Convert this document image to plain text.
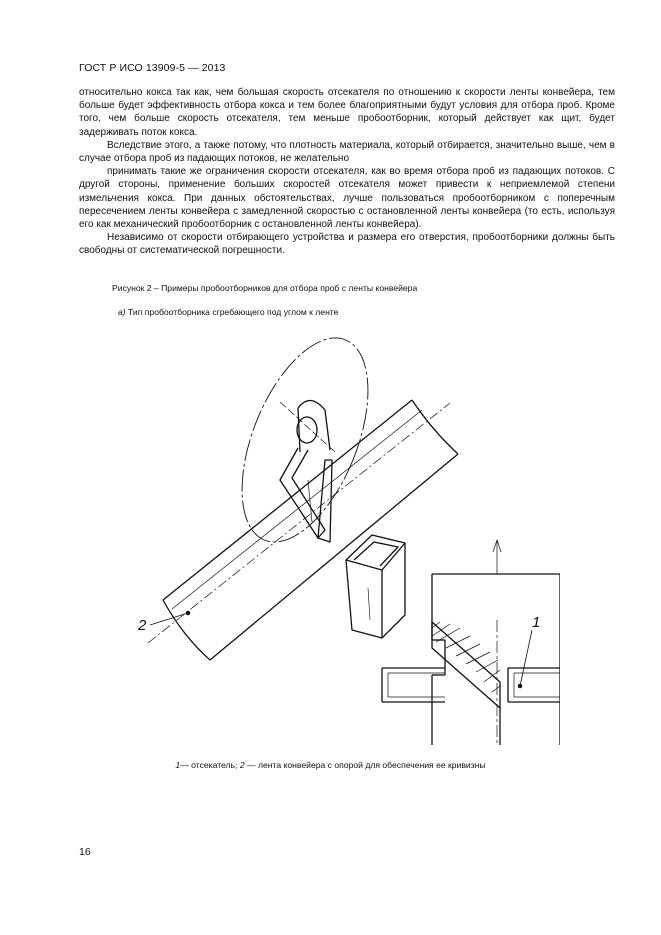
ГОСТ Р ИСО 13909-5 — 2013

относительно кокса так как, чем большая скорость отсекателя по отношению к скорости ленты конвейера, тем больше будет эффективность отбора кокса и тем более благоприятными будут условия для отбора проб. Кроме того, чем больше скорость отсекателя, тем меньше пробоотборник, который действует как щит, будет задерживать поток кокса.

Вследствие этого, а также потому, что плотность материала, который отбирается, значительно выше, чем в случае отбора проб из падающих потоков, не желательно

принимать такие же ограничения скорости отсекателя, как во время отбора проб из падающих потоков. С другой стороны, применение больших скоростей отсекателя может привести к неприемлемой степени измельчения кокса. При данных обстоятельствах, лучше пользоваться пробоотборником с поперечным пересечением ленты конвейера с замедленной скоростью с остановленной ленты конвейера (то есть, используя его как механический пробоотборник с остановленной ленты конвейера).

Независимо от скорости отбирающего устройства и размера его отверстия, пробоотборники должны быть свободны от систематической погрешности.

Рисунок 2 – Примеры пробоотборников для отбора проб с ленты конвейера
а) Тип пробоотборника сгребающего под углом к ленте
2	1
1— отсекатель; 2 — лента конвейера с опорой для обеспечения ее кривизны
16
